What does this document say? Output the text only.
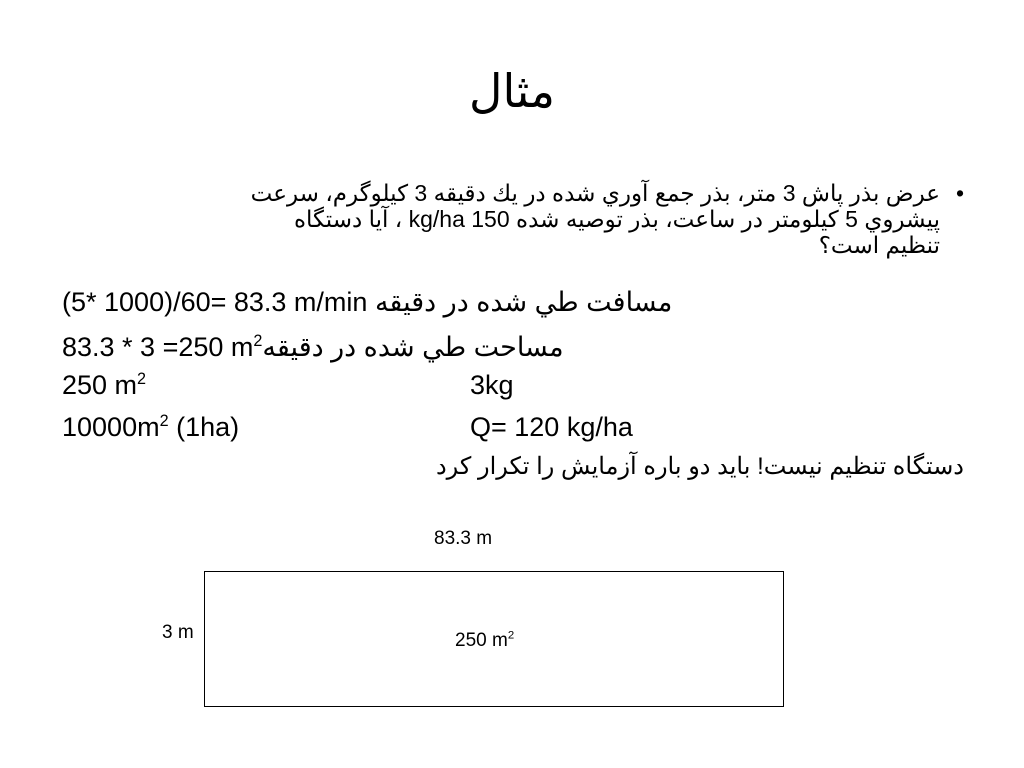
مثال
•
عرض بذر پاش 3 متر، بذر جمع آوري شده در يك دقيقه 3 كيلوگرم، سرعت
پيشروي 5 كيلومتر در ساعت، بذر توصيه شده 150 kg/ha ، آيا دستگاه
تنظيم است؟
(5* 1000)/60= 83.3 m/min مسافت طي شده در دقيقه
83.3 * 3 =250 $m^2مساحت$ طي شده در دقيقه
250 $m^2$	3kg
$10000m^2$ (1ha)	Q= 120 kg/ha
دستگاه تنظيم نيست! بايد دو باره آزمايش را تكرار كرد
83.3 m
3 m	250 $m^2$
